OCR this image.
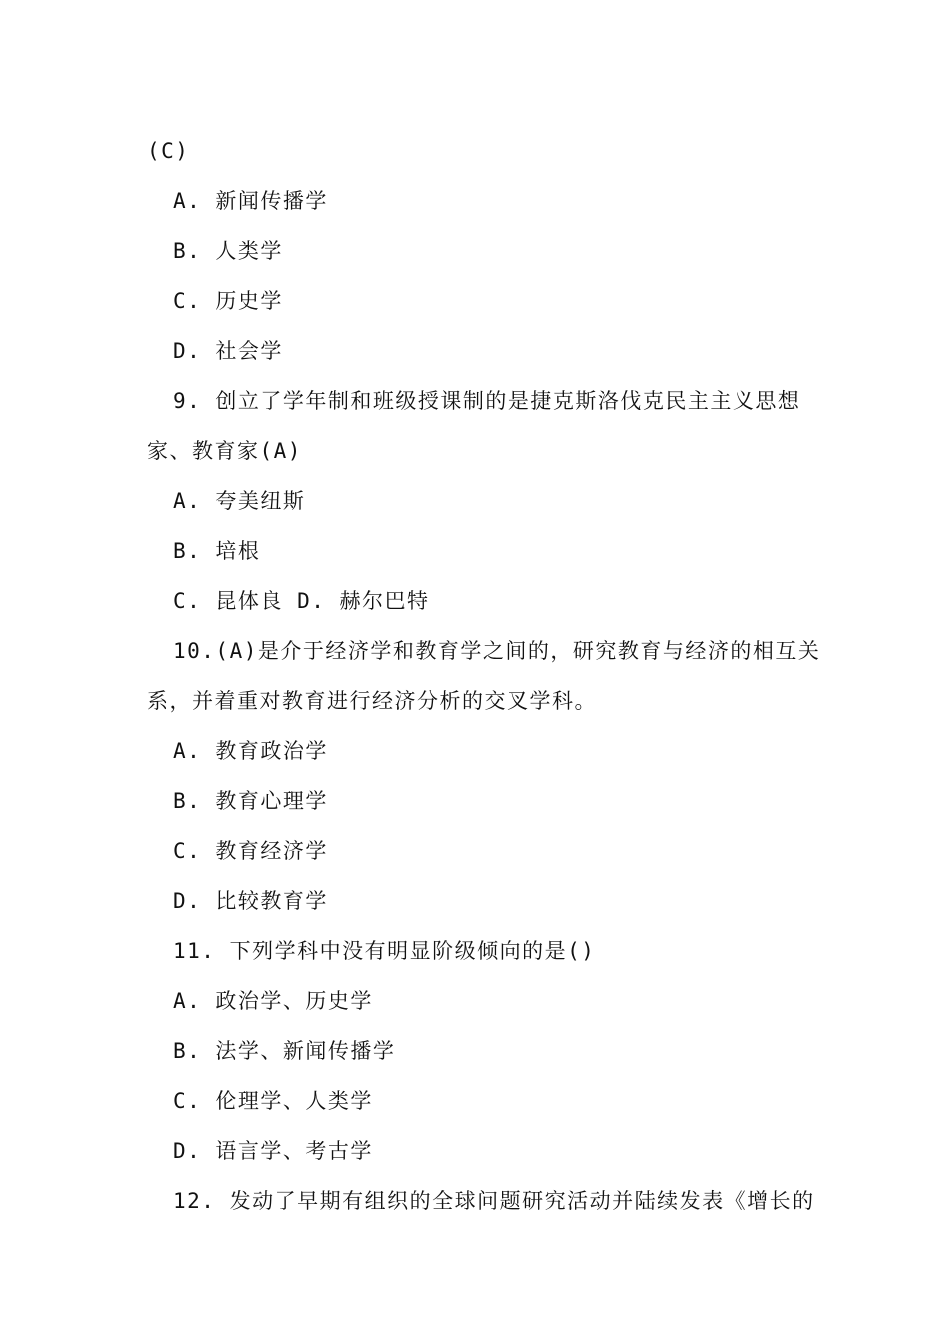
(C)
A. 新闻传播学
B. 人类学
C. 历史学
D. 社会学
9. 创立了学年制和班级授课制的是捷克斯洛伐克民主主义思想
家、教育家(A)
A. 夸美纽斯
B. 培根
C. 昆体良 D. 赫尔巴特
10.(A)是介于经济学和教育学之间的，研究教育与经济的相互关
系，并着重对教育进行经济分析的交叉学科。
A. 教育政治学
B. 教育心理学
C. 教育经济学
D. 比较教育学
11. 下列学科中没有明显阶级倾向的是()
A. 政治学、历史学
B. 法学、新闻传播学
C. 伦理学、人类学
D. 语言学、考古学
12. 发动了早期有组织的全球问题研究活动并陆续发表《增长的
